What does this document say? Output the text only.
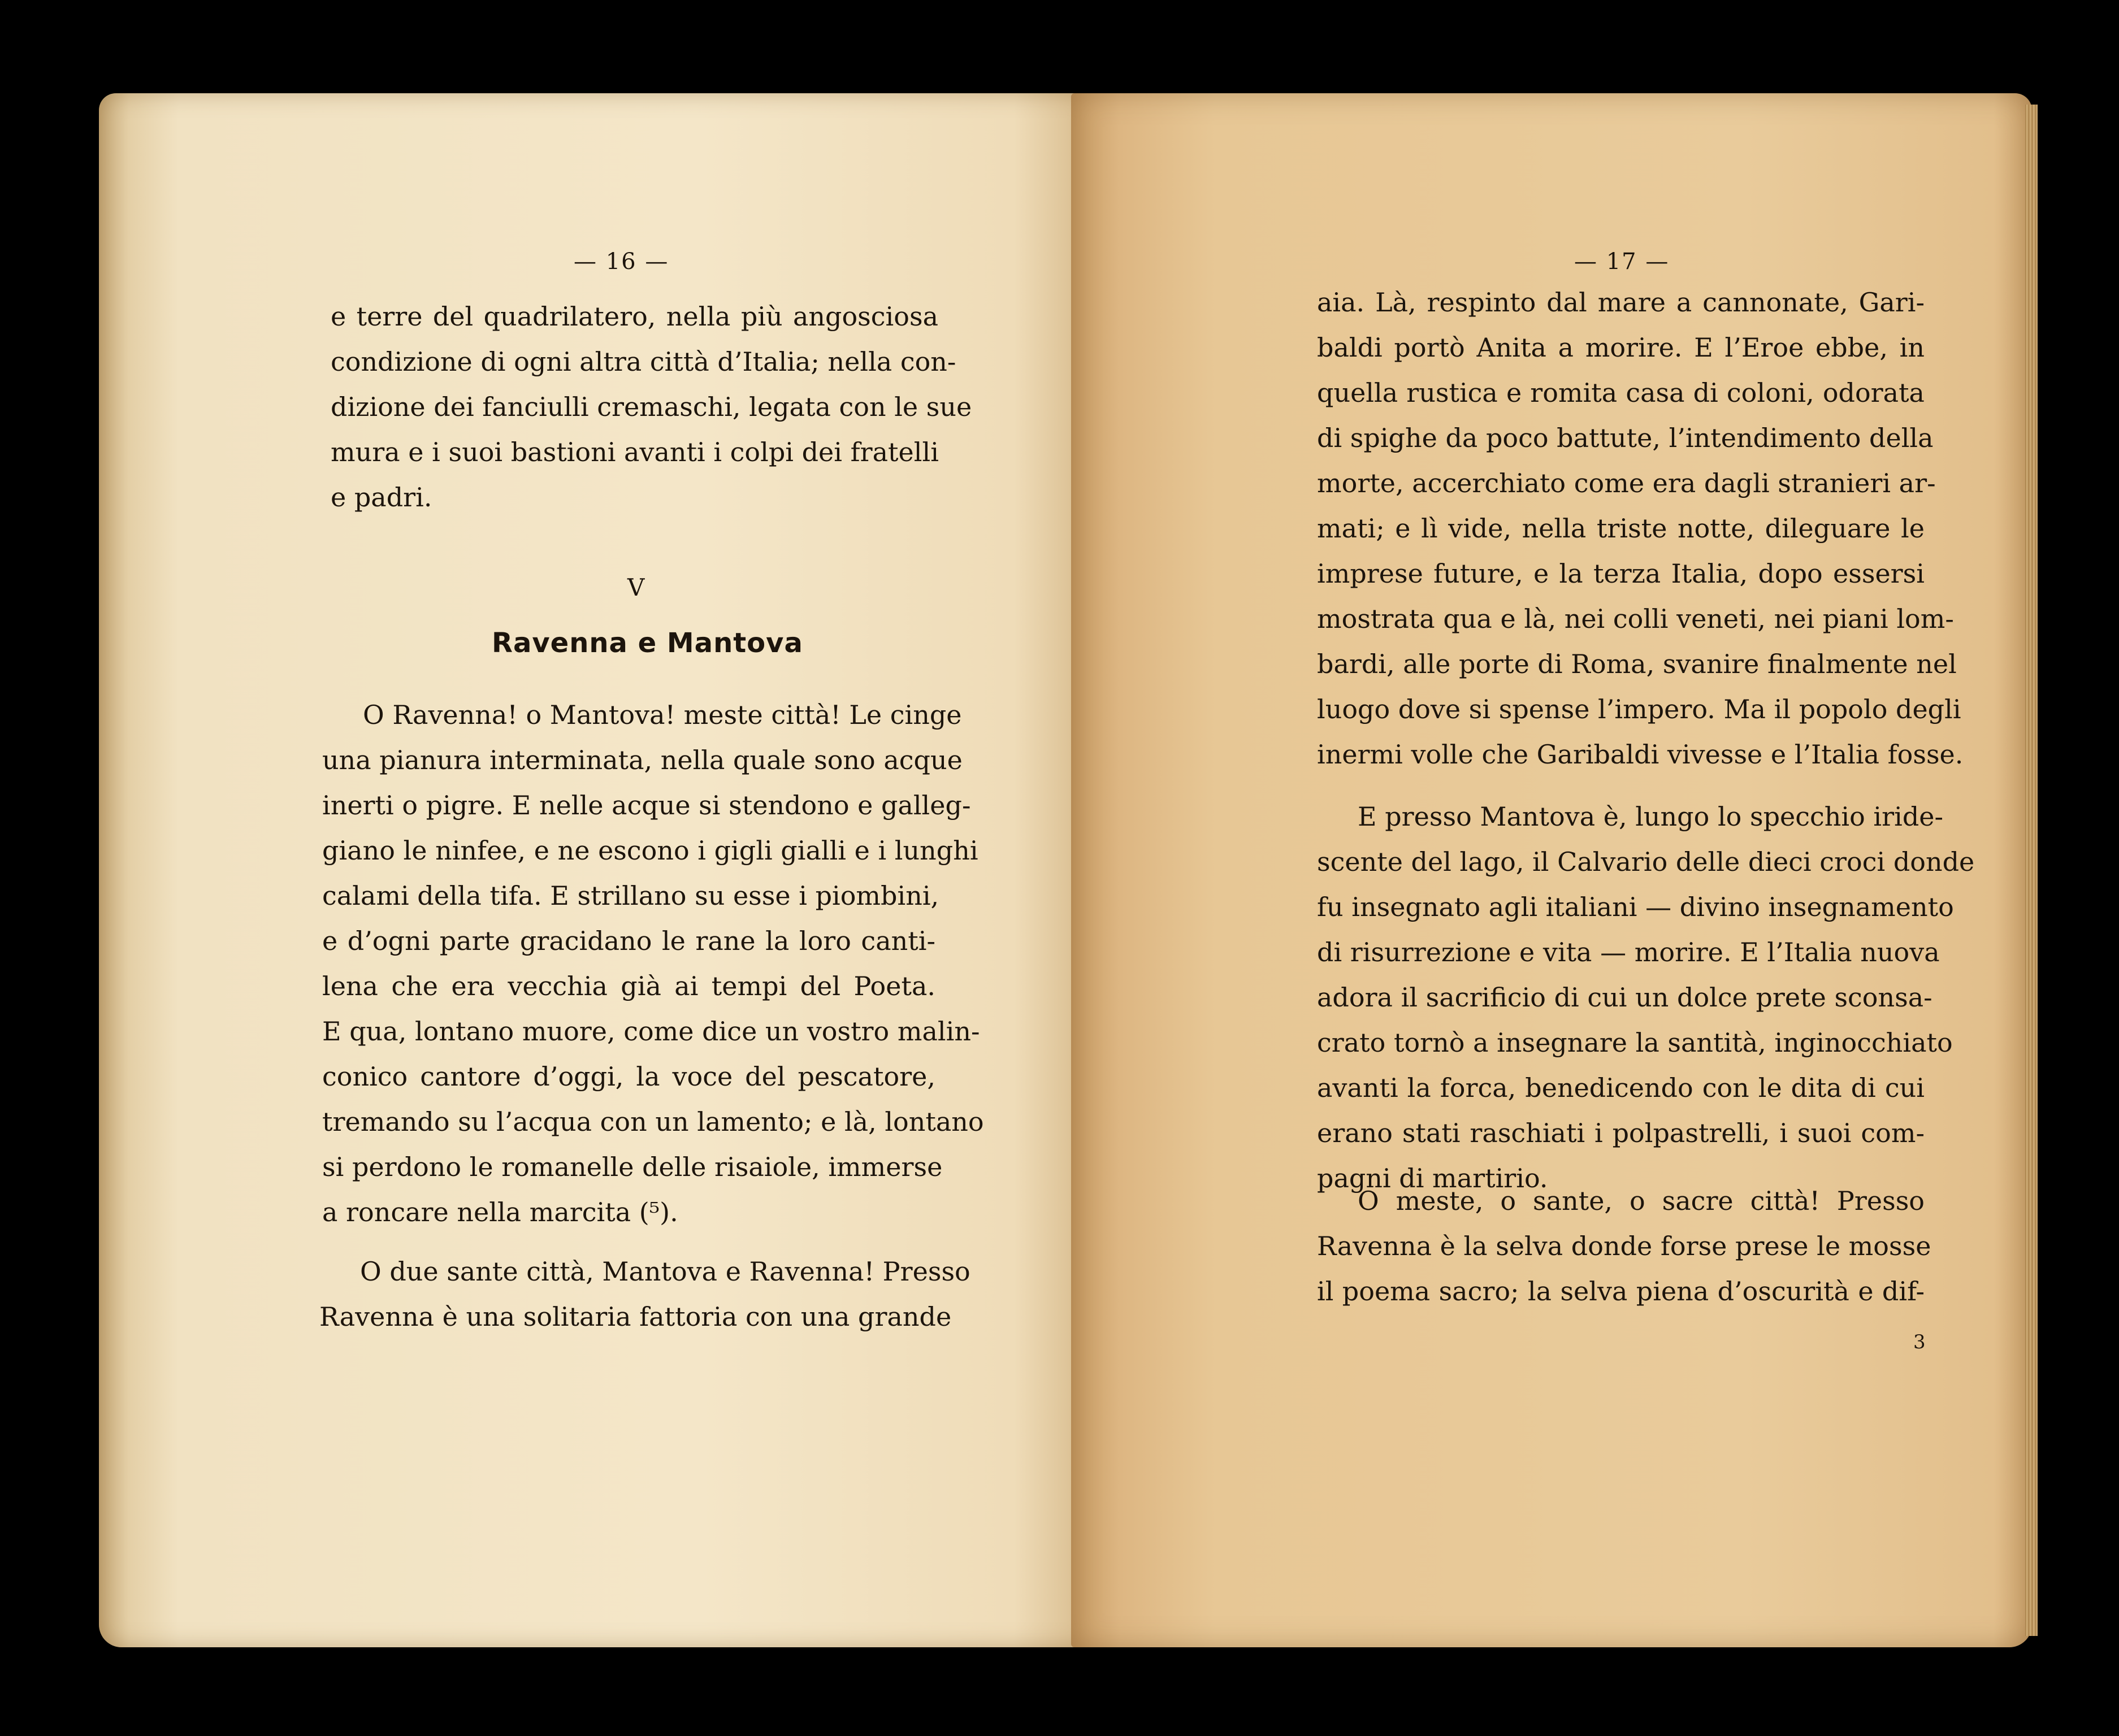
— 16 —
e terre del quadrilatero, nella più angosciosa
condizione di ogni altra città d’Italia; nella con-
dizione dei fanciulli cremaschi, legata con le sue
mura e i suoi bastioni avanti i colpi dei fratelli
e padri.
V
Ravenna e Mantova
O Ravenna! o Mantova! meste città! Le cinge
una pianura interminata, nella quale sono acque
inerti o pigre. E nelle acque si stendono e galleg-
giano le ninfee, e ne escono i gigli gialli e i lunghi
calami della tifa. E strillano su esse i piombini,
e d’ogni parte gracidano le rane la loro canti-
lena che era vecchia già ai tempi del Poeta.
E qua, lontano muore, come dice un vostro malin-
conico cantore d’oggi, la voce del pescatore,
tremando su l’acqua con un lamento; e là, lontano
si perdono le romanelle delle risaiole, immerse
a roncare nella marcita (⁵).
O due sante città, Mantova e Ravenna! Presso
Ravenna è una solitaria fattoria con una grande
— 17 —
aia. Là, respinto dal mare a cannonate, Gari-
baldi portò Anita a morire. E l’Eroe ebbe, in
quella rustica e romita casa di coloni, odorata
di spighe da poco battute, l’intendimento della
morte, accerchiato come era dagli stranieri ar-
mati; e lì vide, nella triste notte, dileguare le
imprese future, e la terza Italia, dopo essersi
mostrata qua e là, nei colli veneti, nei piani lom-
bardi, alle porte di Roma, svanire finalmente nel
luogo dove si spense l’impero. Ma il popolo degli
inermi volle che Garibaldi vivesse e l’Italia fosse.
E presso Mantova è, lungo lo specchio iride-
scente del lago, il Calvario delle dieci croci donde
fu insegnato agli italiani — divino insegnamento
di risurrezione e vita — morire. E l’Italia nuova
adora il sacrificio di cui un dolce prete sconsa-
crato tornò a insegnare la santità, inginocchiato
avanti la forca, benedicendo con le dita di cui
erano stati raschiati i polpastrelli, i suoi com-
pagni di martirio.
O meste, o sante, o sacre città! Presso
Ravenna è la selva donde forse prese le mosse
il poema sacro; la selva piena d’oscurità e dif-
3
